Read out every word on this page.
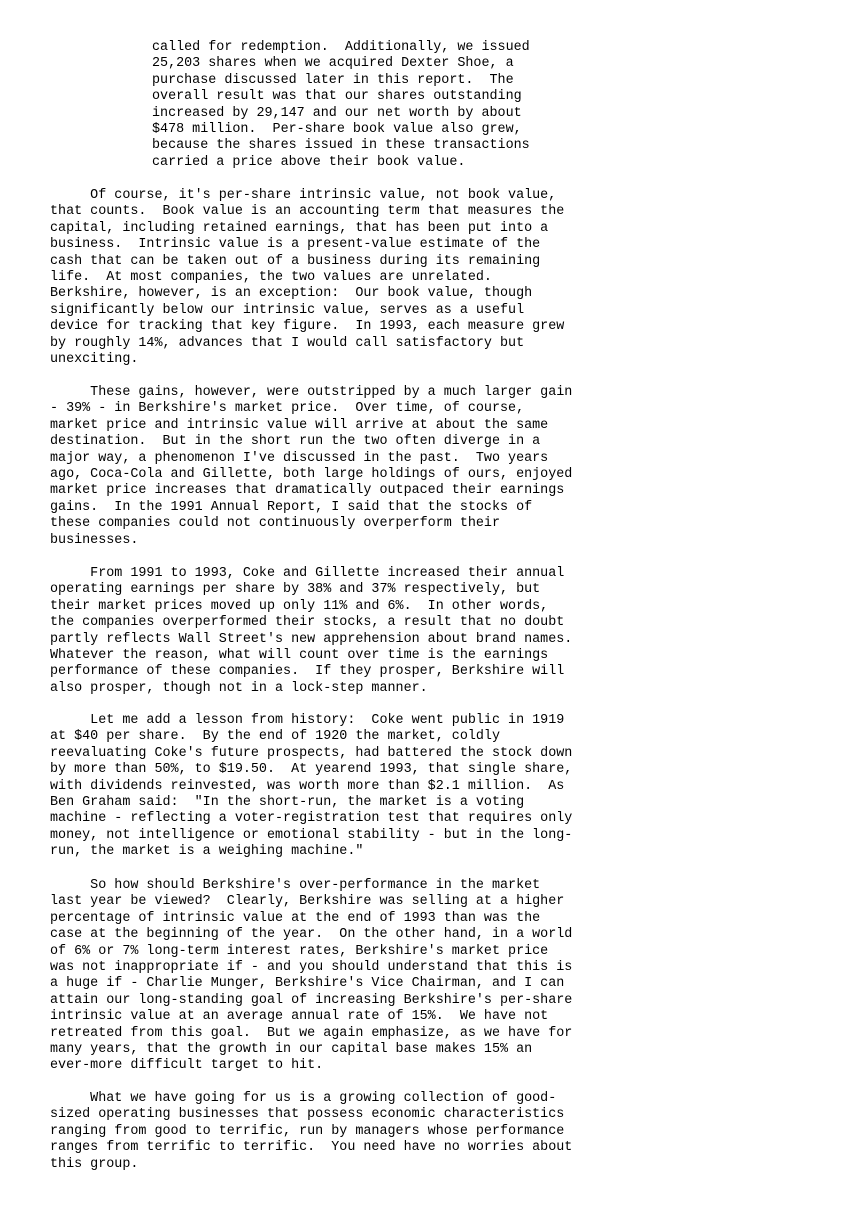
called for redemption.  Additionally, we issued
25,203 shares when we acquired Dexter Shoe, a
purchase discussed later in this report.  The
overall result was that our shares outstanding
increased by 29,147 and our net worth by about
$478 million.  Per-share book value also grew,
because the shares issued in these transactions
carried a price above their book value.
Of course, it's per-share intrinsic value, not book value,
that counts.  Book value is an accounting term that measures the
capital, including retained earnings, that has been put into a
business.  Intrinsic value is a present-value estimate of the
cash that can be taken out of a business during its remaining
life.  At most companies, the two values are unrelated.
Berkshire, however, is an exception:  Our book value, though
significantly below our intrinsic value, serves as a useful
device for tracking that key figure.  In 1993, each measure grew
by roughly 14%, advances that I would call satisfactory but
unexciting.
These gains, however, were outstripped by a much larger gain
- 39% - in Berkshire's market price.  Over time, of course,
market price and intrinsic value will arrive at about the same
destination.  But in the short run the two often diverge in a
major way, a phenomenon I've discussed in the past.  Two years
ago, Coca-Cola and Gillette, both large holdings of ours, enjoyed
market price increases that dramatically outpaced their earnings
gains.  In the 1991 Annual Report, I said that the stocks of
these companies could not continuously overperform their
businesses.
From 1991 to 1993, Coke and Gillette increased their annual
operating earnings per share by 38% and 37% respectively, but
their market prices moved up only 11% and 6%.  In other words,
the companies overperformed their stocks, a result that no doubt
partly reflects Wall Street's new apprehension about brand names.
Whatever the reason, what will count over time is the earnings
performance of these companies.  If they prosper, Berkshire will
also prosper, though not in a lock-step manner.
Let me add a lesson from history:  Coke went public in 1919
at $40 per share.  By the end of 1920 the market, coldly
reevaluating Coke's future prospects, had battered the stock down
by more than 50%, to $19.50.  At yearend 1993, that single share,
with dividends reinvested, was worth more than $2.1 million.  As
Ben Graham said:  "In the short-run, the market is a voting
machine - reflecting a voter-registration test that requires only
money, not intelligence or emotional stability - but in the long-
run, the market is a weighing machine."
So how should Berkshire's over-performance in the market
last year be viewed?  Clearly, Berkshire was selling at a higher
percentage of intrinsic value at the end of 1993 than was the
case at the beginning of the year.  On the other hand, in a world
of 6% or 7% long-term interest rates, Berkshire's market price
was not inappropriate if - and you should understand that this is
a huge if - Charlie Munger, Berkshire's Vice Chairman, and I can
attain our long-standing goal of increasing Berkshire's per-share
intrinsic value at an average annual rate of 15%.  We have not
retreated from this goal.  But we again emphasize, as we have for
many years, that the growth in our capital base makes 15% an
ever-more difficult target to hit.
What we have going for us is a growing collection of good-
sized operating businesses that possess economic characteristics
ranging from good to terrific, run by managers whose performance
ranges from terrific to terrific.  You need have no worries about
this group.
